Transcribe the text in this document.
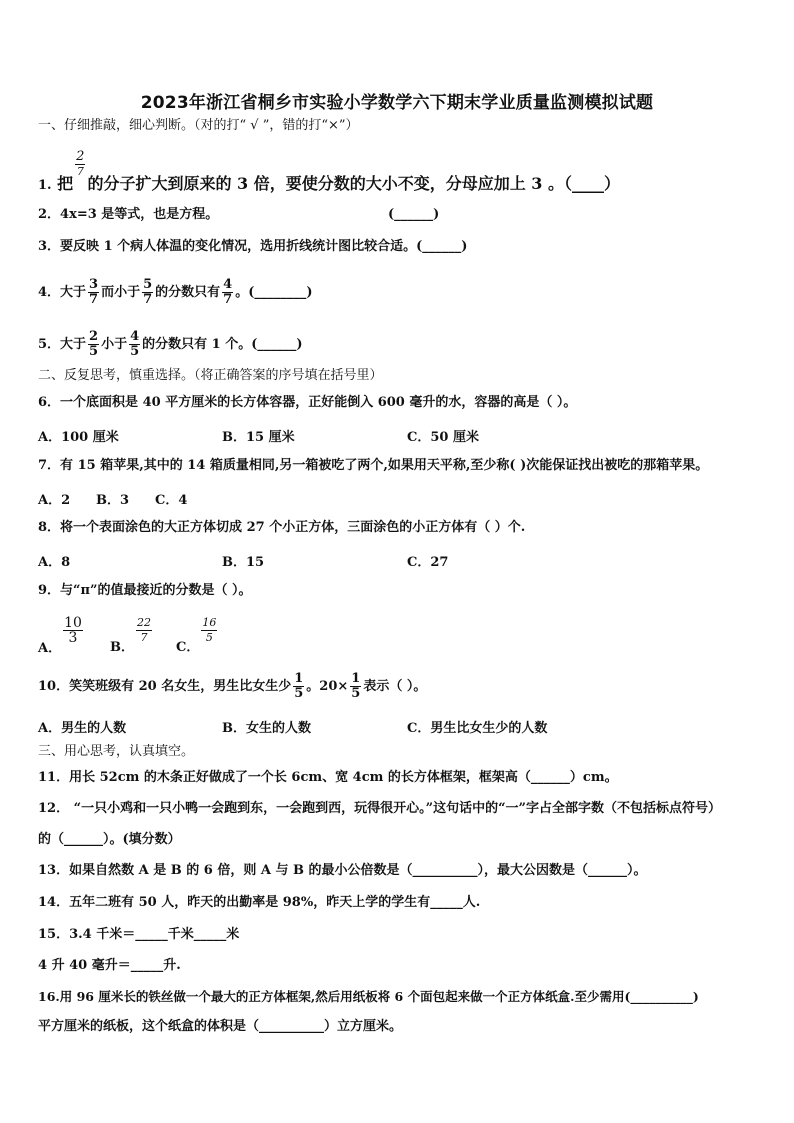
2023年浙江省桐乡市实验小学数学六下期末学业质量监测模拟试题
一、仔细推敲，细心判断。（对的打“ √ ”，错的打“×”）
1. 把
$\frac{2}{7}$
的分子扩大到原来的 3 倍，要使分数的大小不变，分母应加上 3 。（____）
2．4x=3 是等式，也是方程。	(______)
3．要反映 1 个病人体温的变化情况，选用折线统计图比较合适。(______)
4．大于 $\frac{3}{7}$ 而小于 $\frac{5}{7}$ 的分数只有 $\frac{4}{7}$ 。(________)
5．大于 $\frac{2}{5}$ 小于 $\frac{4}{5}$ 的分数只有 1 个。(______)
二、反复思考，慎重选择。（将正确答案的序号填在括号里）
6．一个底面积是 40 平方厘米的长方体容器，正好能倒入 600 毫升的水，容器的高是（ ）。
A．100 厘米	B．15 厘米	C．50 厘米
7．有 15 箱苹果,其中的 14 箱质量相同,另一箱被吃了两个,如果用天平称,至少称( )次能保证找出被吃的那箱苹果。
A．2 B．3 C．4
8．将一个表面涂色的大正方体切成 27 个小正方体，三面涂色的小正方体有（ ）个.
A．8	B．15	C．27
9．与“π”的值最接近的分数是（ ）。
A．
$\frac{10}{3}$
B．
$\frac{22}{7}$
C．
$\frac{16}{5}$
10．笑笑班级有 20 名女生，男生比女生少 $\frac{1}{5}$ 。$20\times \frac{1}{5}$ 表示（ ）。
A．男生的人数	B．女生的人数	C．男生比女生少的人数
三、用心思考，认真填空。
11．用长 52cm 的木条正好做成了一个长 6cm、宽 4cm 的长方体框架，框架高（______）cm。
12． “一只小鸡和一只小鸭一会跑到东，一会跑到西，玩得很开心。”这句话中的“一”字占全部字数（不包括标点符号）
的（______）。(填分数）
13．如果自然数 A 是 B 的 6 倍，则 A 与 B 的最小公倍数是（__________），最大公因数是（______）。
14．五年二班有 50 人，昨天的出勤率是 98%，昨天上学的学生有_____人.
15．3.4 千米＝_____千米_____米
4 升 40 毫升＝_____升.
16.用 96 厘米长的铁丝做一个最大的正方体框架,然后用纸板将 6 个面包起来做一个正方体纸盒.至少需用(__________)
平方厘米的纸板，这个纸盒的体积是（__________）立方厘米。
